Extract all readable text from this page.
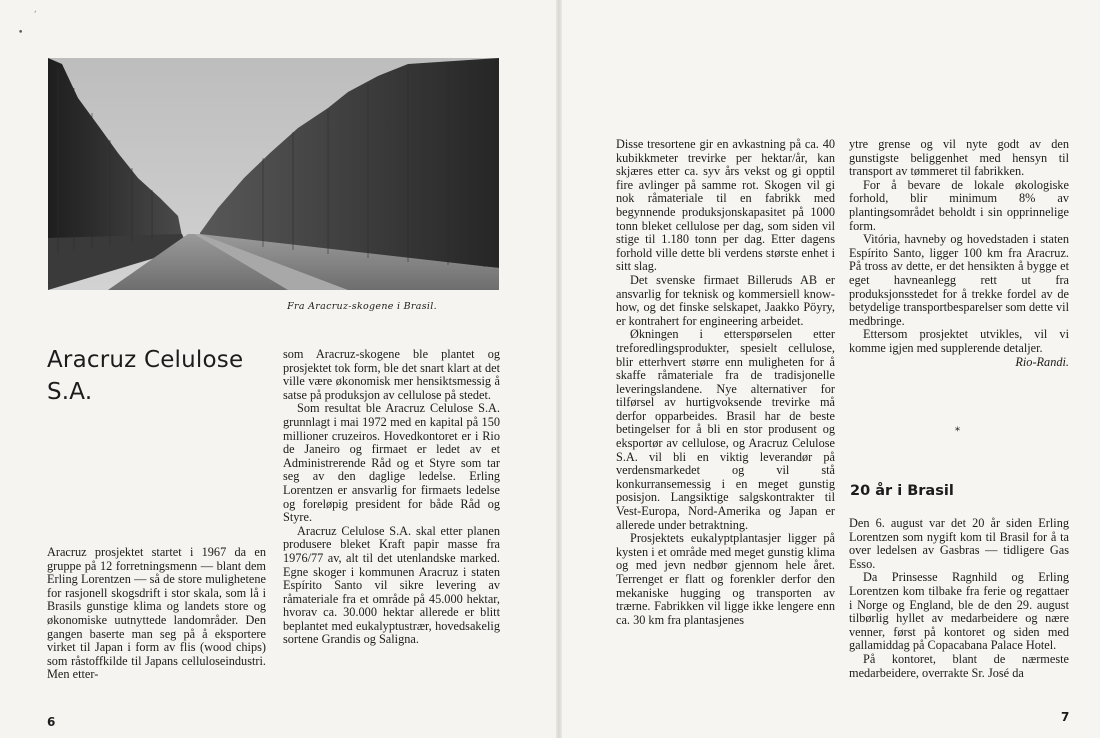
•
‘
Fra Aracruz-skogene i Brasil.
Aracruz Celulose S.A.

Aracruz prosjektet startet i 1967 da en gruppe på 12 forretningsmenn — blant dem Erling Lorentzen — så de store mulighetene for rasjonell skogsdrift i stor skala, som lå i Brasils gunstige klima og landets store og økonomiske uutnyttede landområder. Den gangen baserte man seg på å eksportere virket til Japan i form av flis (wood chips) som råstoffkilde til Japans celluloseindustri. Men etter-

som Aracruz-skogene ble plantet og prosjektet tok form, ble det snart klart at det ville være økonomisk mer hensiktsmessig å satse på produksjon av cellulose på stedet.

Som resultat ble Aracruz Celulose S.A. grunnlagt i mai 1972 med en kapital på 150 millioner cruzeiros. Hovedkontoret er i Rio de Janeiro og firmaet er ledet av et Administrerende Råd og et Styre som tar seg av den daglige ledelse. Erling Lorentzen er ansvarlig for firmaets ledelse og foreløpig president for både Råd og Styre.

Aracruz Celulose S.A. skal etter planen produsere bleket Kraft papir masse fra 1976/77 av, alt til det utenlandske marked. Egne skoger i kommunen Aracruz i staten Espírito Santo vil sikre levering av råmateriale fra et område på 45.000 hektar, hvorav ca. 30.000 hektar allerede er blitt beplantet med eukalyptustrær, hovedsakelig sortene Grandis og Saligna.

6

Disse tresortene gir en avkastning på ca. 40 kubikkmeter trevirke per hektar/år, kan skjæres etter ca. syv års vekst og gi opptil fire avlinger på samme rot. Skogen vil gi nok råmateriale til en fabrikk med begynnende produksjonskapasitet på 1000 tonn bleket cellulose per dag, som siden vil stige til 1.180 tonn per dag. Etter dagens forhold ville dette bli verdens største enhet i sitt slag.

Det svenske firmaet Billeruds AB er ansvarlig for teknisk og kommersiell know-how, og det finske selskapet, Jaakko Pöyry, er kontrahert for engineering arbeidet.

Økningen i etterspørselen etter treforedlingsprodukter, spesielt cellulose, blir etterhvert større enn muligheten for å skaffe råmateriale fra de tradisjonelle leveringslandene. Nye alternativer for tilførsel av hurtigvoksende trevirke må derfor opparbeides. Brasil har de beste betingelser for å bli en stor produsent og eksportør av cellulose, og Aracruz Celulose S.A. vil bli en viktig leverandør på verdensmarkedet og vil stå konkurransemessig i en meget gunstig posisjon. Langsiktige salgskontrakter til Vest-Europa, Nord-Amerika og Japan er allerede under betraktning.

Prosjektets eukalyptplantasjer ligger på kysten i et område med meget gunstig klima og med jevn nedbør gjennom hele året. Terrenget er flatt og forenkler derfor den mekaniske hugging og transporten av trærne. Fabrikken vil ligge ikke lengere enn ca. 30 km fra plantasjenes

ytre grense og vil nyte godt av den gunstigste beliggenhet med hensyn til transport av tømmeret til fabrikken.

For å bevare de lokale økologiske forhold, blir minimum 8% av plantingsområdet beholdt i sin opprinnelige form.

Vitória, havneby og hovedstaden i staten Espírito Santo, ligger 100 km fra Aracruz. På tross av dette, er det hensikten å bygge et eget havneanlegg rett ut fra produksjonsstedet for å trekke fordel av de betydelige transportbesparelser som dette vil medbringe.

Ettersom prosjektet utvikles, vil vi komme igjen med supplerende detaljer.

Rio-Randi.

*
20 år i Brasil

Den 6. august var det 20 år siden Erling Lorentzen som nygift kom til Brasil for å ta over ledelsen av Gasbras — tidligere Gas Esso.

Da Prinsesse Ragnhild og Erling Lorentzen kom tilbake fra ferie og regattaer i Norge og England, ble de den 29. august tilbørlig hyllet av medarbeidere og nære venner, først på kontoret og siden med gallamiddag på Copacabana Palace Hotel.

På kontoret, blant de nærmeste medarbeidere, overrakte Sr. José da

7
